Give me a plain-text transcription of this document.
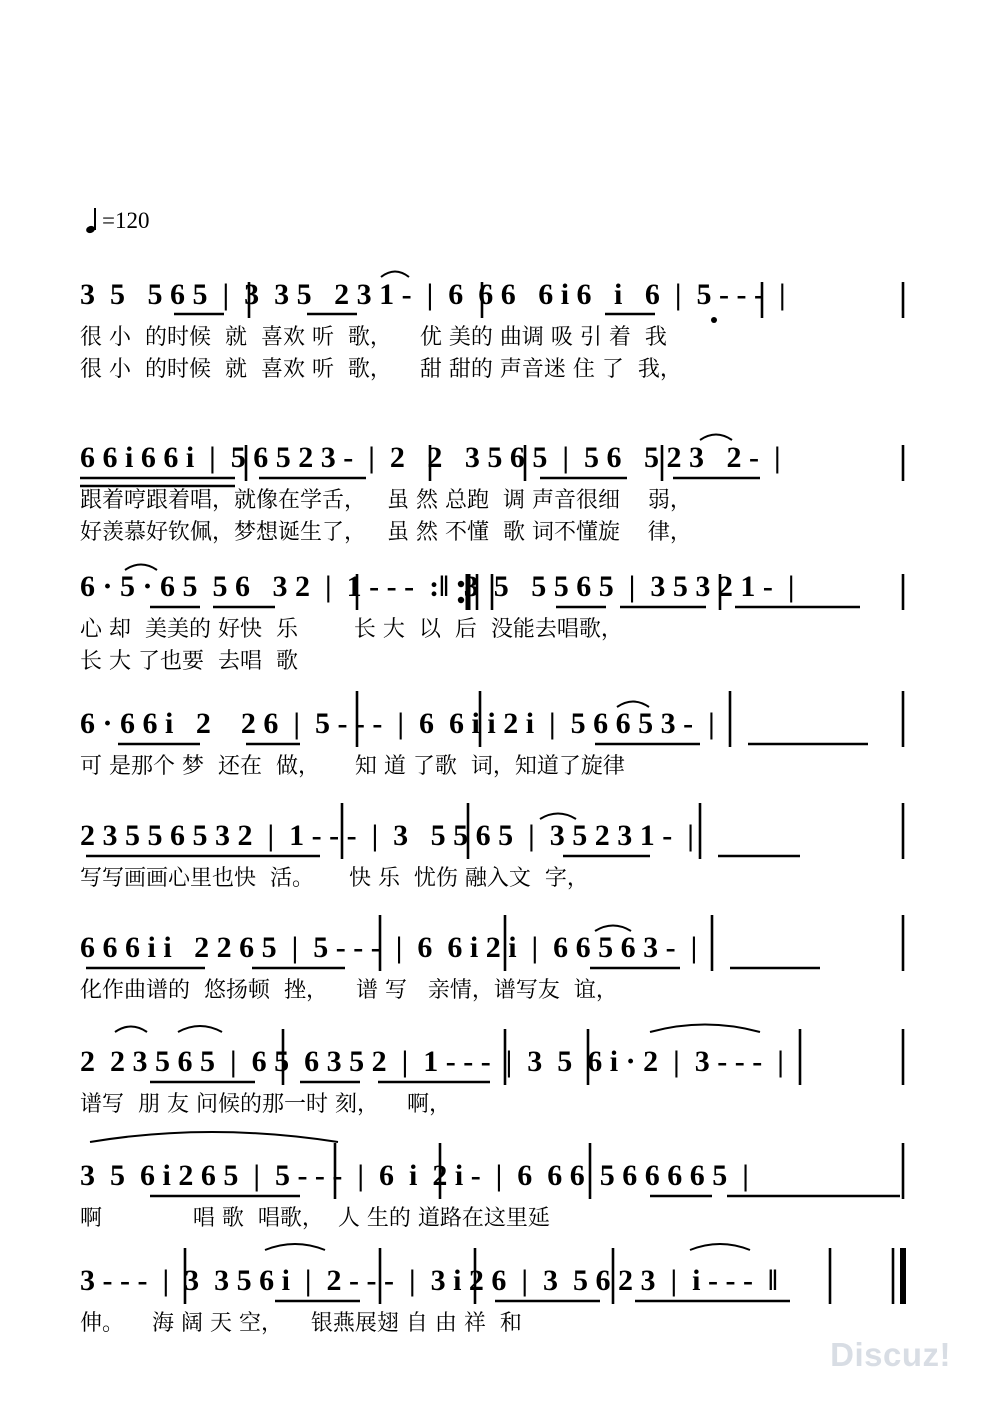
=120
3  5   5 6 5  |  3  3 5   2 3 1 -  |  6  6 6   6 i 6   i   6  |  5 - - -  |
很 小  的时候  就  喜欢 听  歌，    优 美的 曲调 吸 引 着  我
很 小  的时候  就  喜欢 听  歌，    甜 甜的 声音迷 住 了  我，
6 6 i 6 6 i  |  5 6 5 2 3 -  |  2   2   3 5 6 5  |  5 6   5 2 3   2 -  |
跟着哼跟着唱，就像在学舌，   虽 然 总跑  调 声音很细    弱，
好羡慕好钦佩，梦想诞生了，   虽 然 不懂  歌 词不懂旋    律，
6 · 5 · 6 5  5 6   3 2  |  1 - - -  :‖  3  5   5 5 6 5  |  3 5 3 2 1 -  |
心 却  美美的 好快  乐        长 大  以  后  没能去唱歌，
长 大 了也要  去唱  歌
6 · 6 6 i   2    2 6  |  5 - - -  |  6  6 i i 2 i  |  5 6 6 5 3 -  |
可 是那个 梦  还在  做，     知 道 了歌  词，知道了旋律
2 3 5 5 6 5 3 2  |  1 - - -  |  3   5 5 6 5  |  3 5 2 3 1 -  |
写写画画心里也快  活。     快 乐  忧伤 融入文  字，
6 6 6 i i   2 2 6 5  |  5 - - -  |  6  6 i 2 i  |  6 6 5 6 3 -  |
化作曲谱的  悠扬顿  挫，    谱 写   亲情，谱写友  谊，
2  2 3 5 6 5  |  6 5  6 3 5 2  |  1 - - -  |  3  5  6 i · 2  |  3 - - -  |
谱写  朋 友 问候的那一时 刻，    啊，
3  5  6 i 2 6 5  |  5 - - -  |  6  i  2 i -  |  6  6 6  5 6 6 6 6 5  |
啊             唱 歌  唱歌，  人 生的 道路在这里延
3 - - -  |  3  3 5 6 i  |  2 - - -  |  3 i 2 6  |  3  5 6 2 3  |  i - - -  ‖
伸。    海 阔 天 空，    银燕展翅 自 由 祥  和
Discuz!
